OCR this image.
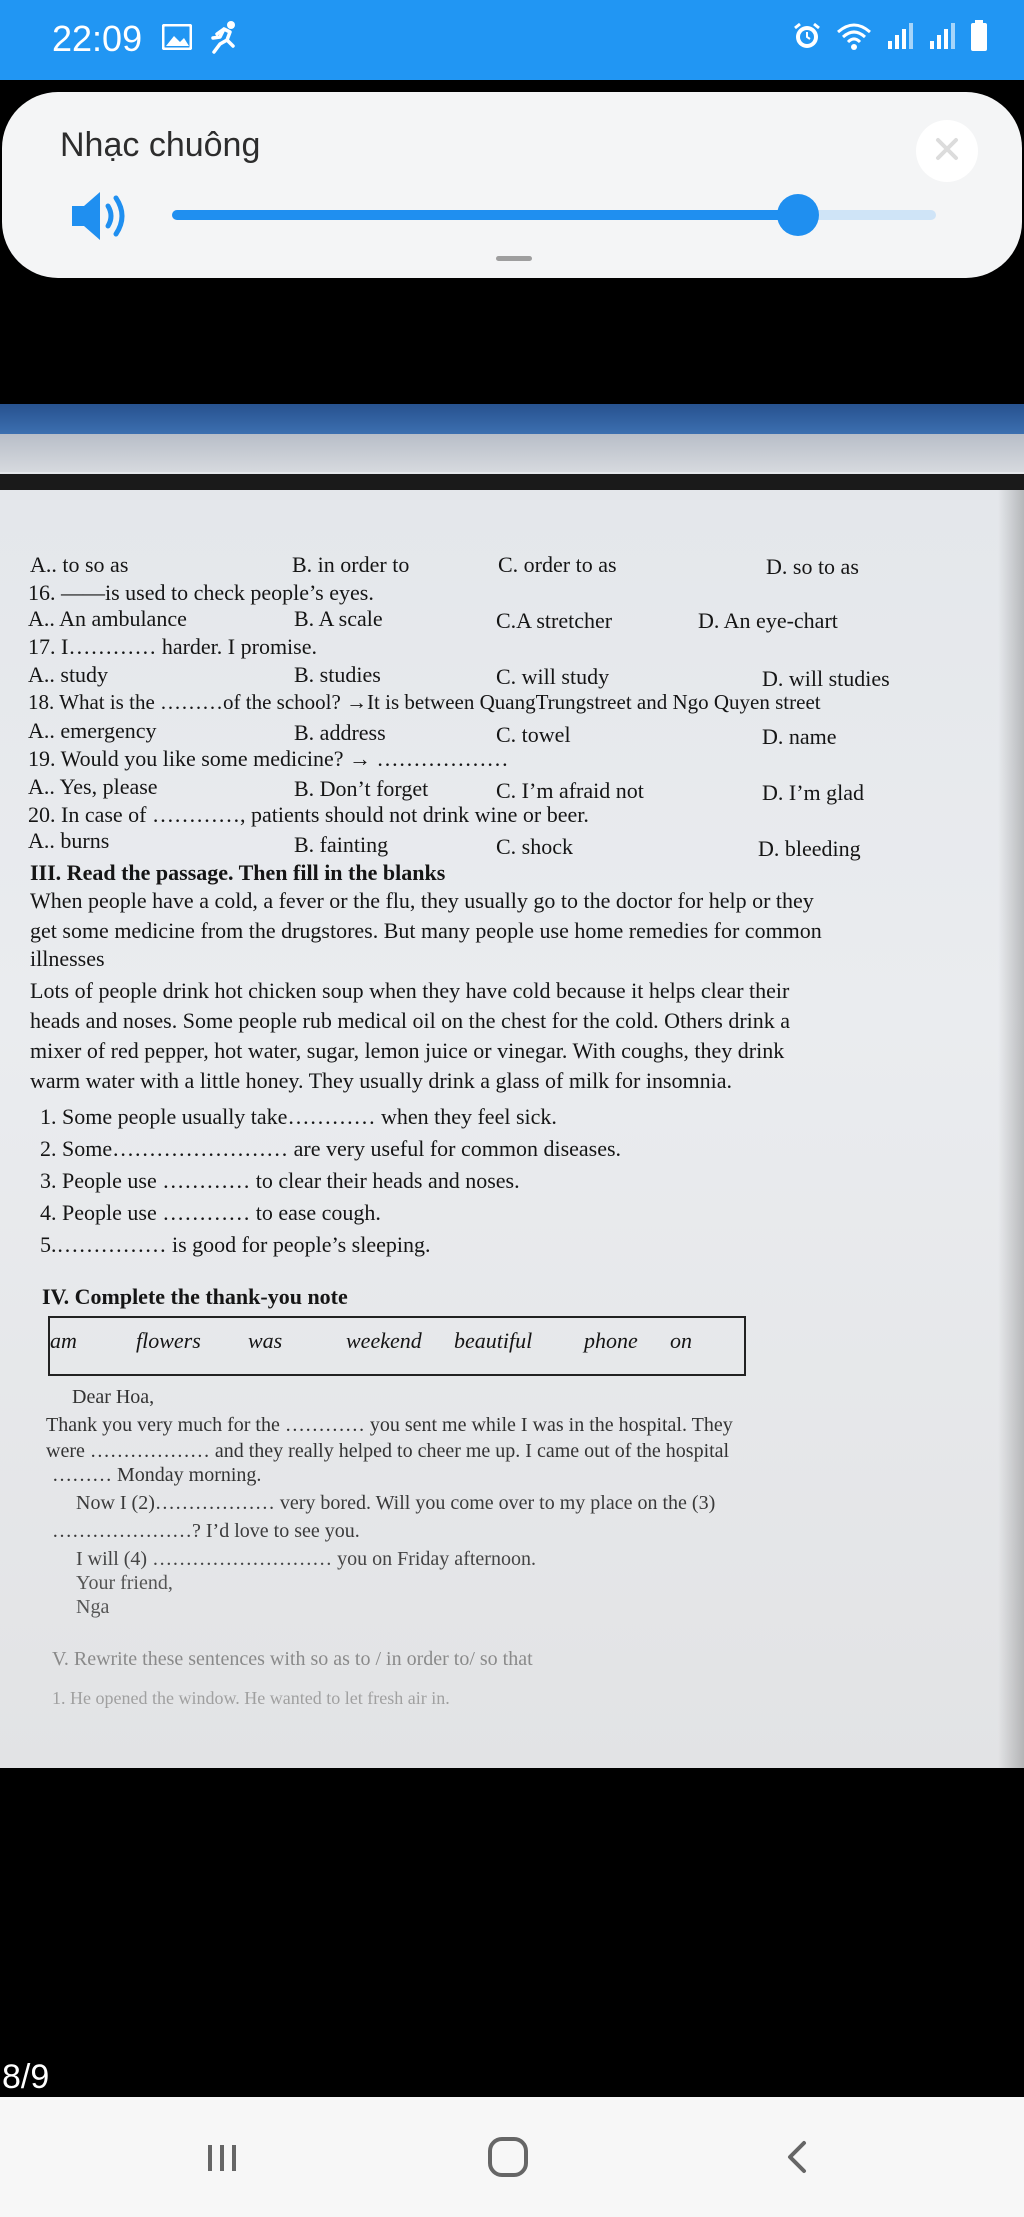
22:09
Nhạc chuông
A.. to so as	B. in order to	C. order to as	D. so to as
16. ——is used to check people’s eyes.
A.. An ambulance	B. A scale	C.A stretcher	D. An eye-chart
17. I………… harder. I promise.
A.. study	B. studies	C. will study	D. will studies
18. What is the ………of the school? →It is between QuangTrungstreet and Ngo Quyen street
A.. emergency	B. address	C. towel	D. name
19. Would you like some medicine? → ………………
A.. Yes, please	B. Don’t forget	C. I’m afraid not	D. I’m glad
20. In case of …………, patients should not drink wine or beer.
A.. burns	B. fainting	C. shock	D. bleeding
III. Read the passage. Then fill in the blanks
When people have a cold, a fever or the flu, they usually go to the doctor for help or they
get some medicine from the drugstores. But many people use home remedies for common
illnesses
Lots of people drink hot chicken soup when they have cold because it helps clear their
heads and noses. Some people rub medical oil on the chest for the cold. Others drink a
mixer of red pepper, hot water, sugar, lemon juice or vinegar. With coughs, they drink
warm water with a little honey. They usually drink a glass of milk for insomnia.
1. Some people usually take………… when they feel sick.
2. Some…………………… are very useful for common diseases.
3. People use ………… to clear their heads and noses.
4. People use ………… to ease cough.
5.…………… is good for people’s sleeping.
IV. Complete the thank-you note
am	flowers was	weekend beautiful phone on
Dear Hoa,
Thank you very much for the ………… you sent me while I was in the hospital. They
were ……………… and they really helped to cheer me up. I came out of the hospital
……… Monday morning.
Now I (2)……………… very bored. Will you come over to my place on the (3)
…………………? I’d love to see you.
I will (4) ……………………… you on Friday afternoon.
Your friend,
Nga
V. Rewrite these sentences with so as to / in order to/ so that
1. He opened the window. He wanted to let fresh air in.
8/9
